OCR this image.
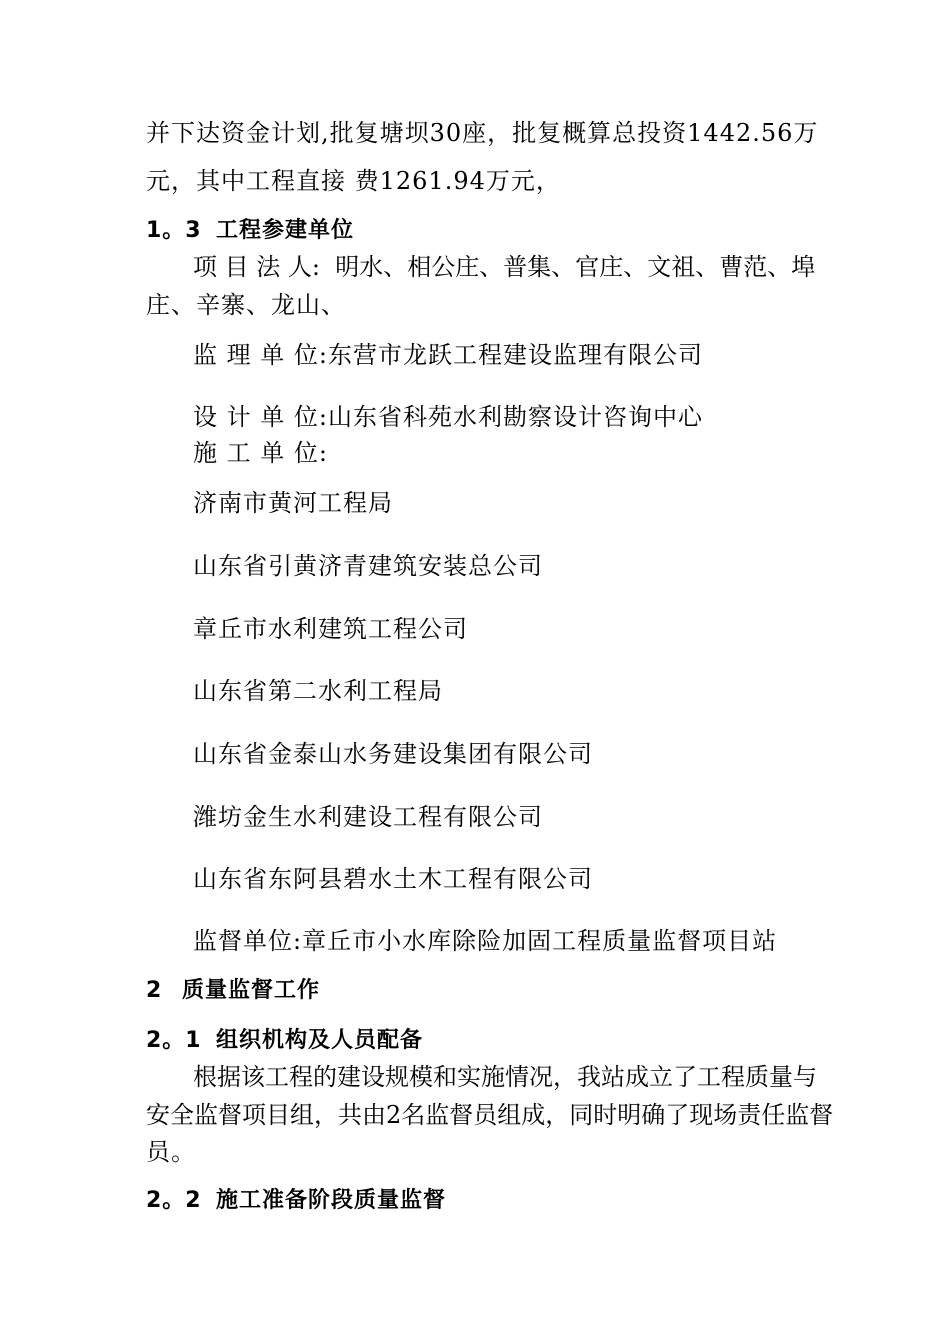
并下达资金计划,批复塘坝30座，批复概算总投资1442.56万
元，其中工程直接 费1261.94万元，
1。3 工程参建单位
项 目 法 人: 明水、相公庄、普集、官庄、文祖、曹范、埠
庄、辛寨、龙山、
监 理 单 位:东营市龙跃工程建设监理有限公司
设 计 单 位:山东省科苑水利勘察设计咨询中心
施 工 单 位:
济南市黄河工程局
山东省引黄济青建筑安装总公司
章丘市水利建筑工程公司
山东省第二水利工程局
山东省金泰山水务建设集团有限公司
潍坊金生水利建设工程有限公司
山东省东阿县碧水土木工程有限公司
监督单位:章丘市小水库除险加固工程质量监督项目站
2 质量监督工作
2。1 组织机构及人员配备
根据该工程的建设规模和实施情况，我站成立了工程质量与
安全监督项目组，共由2名监督员组成，同时明确了现场责任监督
员。
2。2 施工准备阶段质量监督
